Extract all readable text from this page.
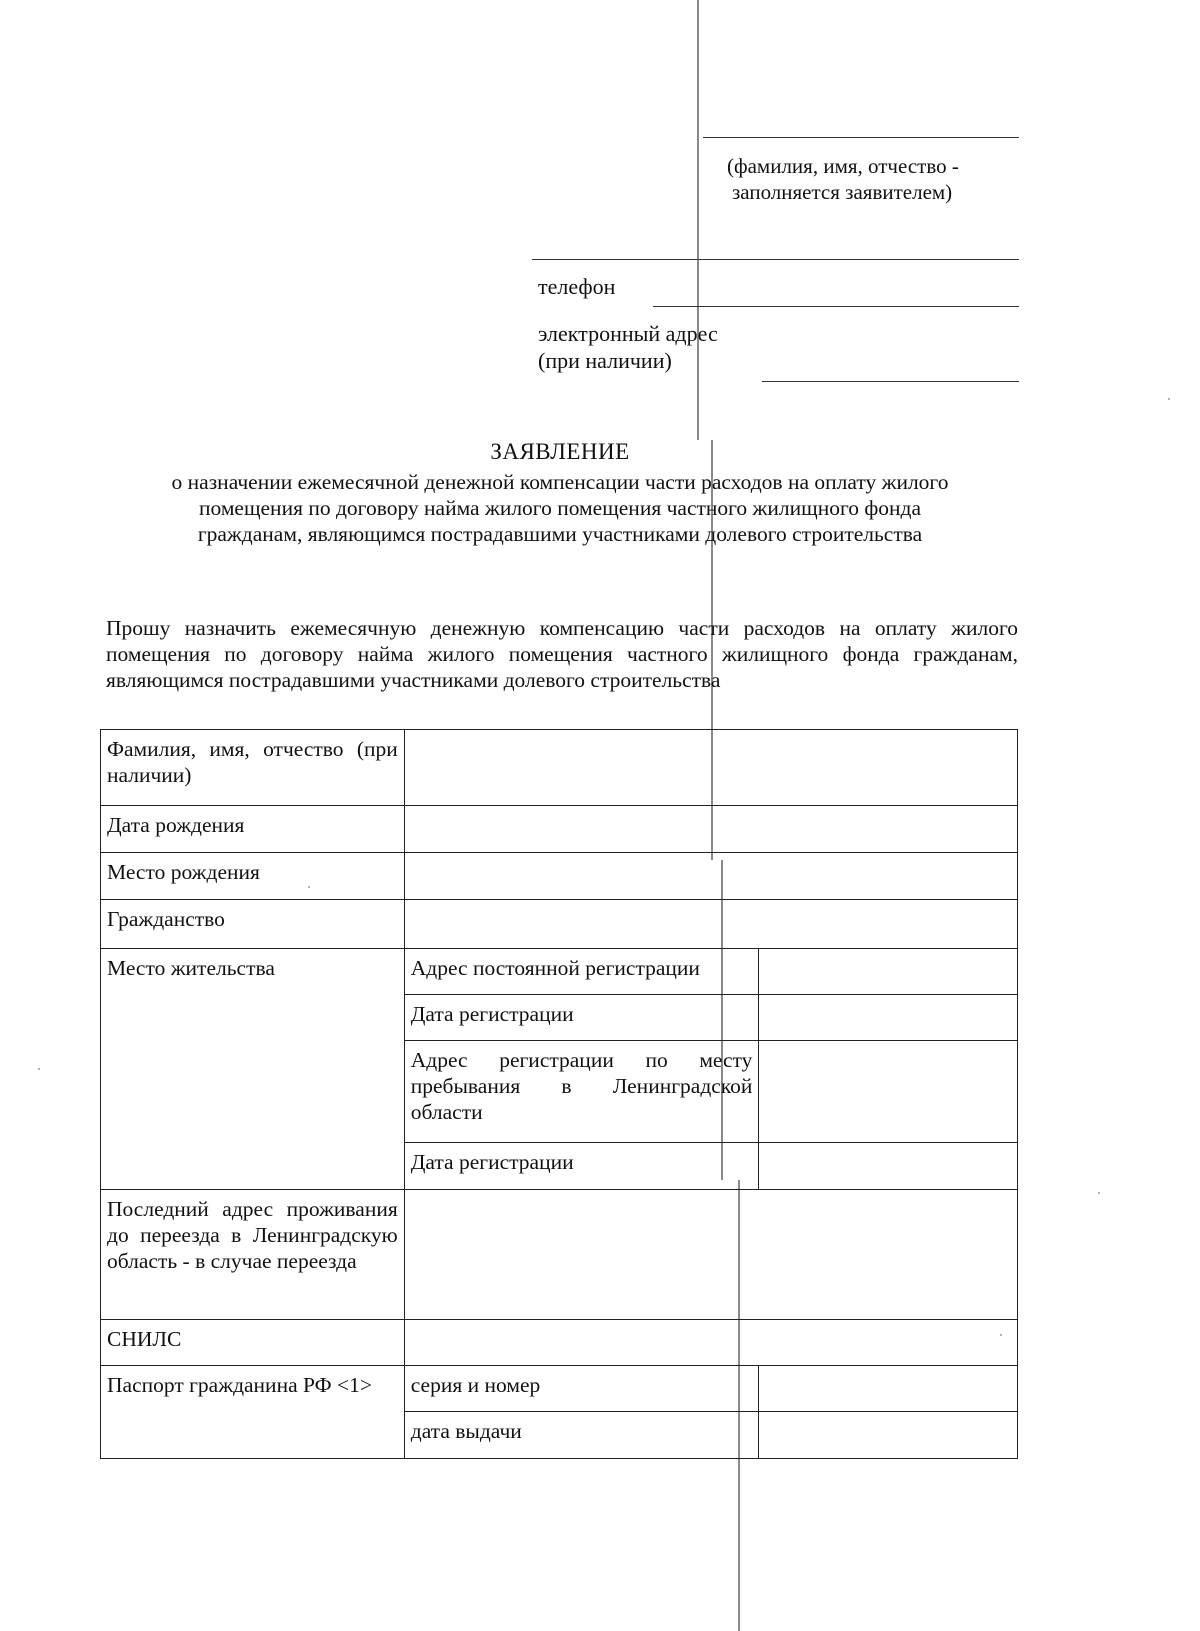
(фамилия, имя, отчество -
заполняется заявителем)
телефон
электронный адрес
(при наличии)
ЗАЯВЛЕНИЕ
о назначении ежемесячной денежной компенсации части расходов на оплату жилого
помещения по договору найма жилого помещения частного жилищного фонда
гражданам, являющимся пострадавшими участниками долевого строительства
Прошу назначить ежемесячную денежную компенсацию части расходов на оплату жилого помещения по договору найма жилого помещения частного жилищного фонда гражданам, являющимся пострадавшими участниками долевого строительства
Фамилия, имя, отчество (при наличии)		
Дата рождения		
Место рождения		
Гражданство		
Место жительства	Адрес постоянной регистрации	
	Дата регистрации	
	Адрес регистрации по месту пребывания в Ленинградской области	
	Дата регистрации	
Последний адрес проживания до переезда в Ленинградскую область - в случае переезда		
СНИЛС		
Паспорт гражданина РФ <1>	серия и номер	
	дата выдачи	
